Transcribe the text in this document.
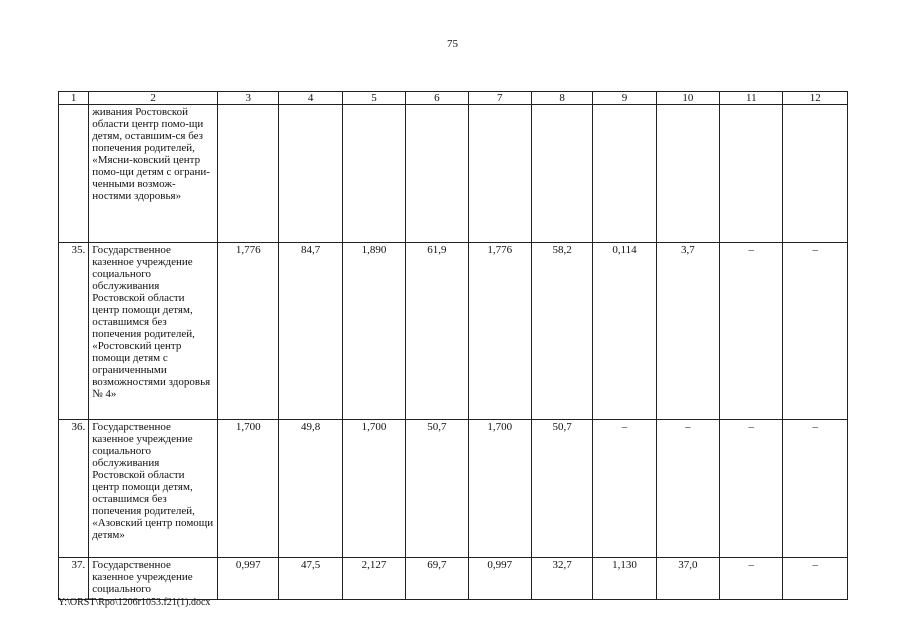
75
1	2	3	4	5	6	7	8	9	10	11	12
	живания Ростовской области центр помо-щи детям, оставшим-ся без попечения родителей, «Мясни-ковский центр помо-щи детям с ограни-ченными возмож-ностями здоровья»										
35.	Государственное казенное учреждение социального обслуживания Ростовской области центр помощи детям, оставшимся без попечения родителей, «Ростовский центр помощи детям с ограниченными возможностями здоровья № 4»	1,776	84,7	1,890	61,9	1,776	58,2	0,114	3,7	–	–
36.	Государственное казенное учреждение социального обслуживания Ростовской области центр помощи детям, оставшимся без попечения родителей, «Азовский центр помощи детям»	1,700	49,8	1,700	50,7	1,700	50,7	–	–	–	–
37.	Государственное казенное учреждение социального	0,997	47,5	2,127	69,7	0,997	32,7	1,130	37,0	–	–
Y:\ORST\Rpo\1206r1053.f21(1).docx
